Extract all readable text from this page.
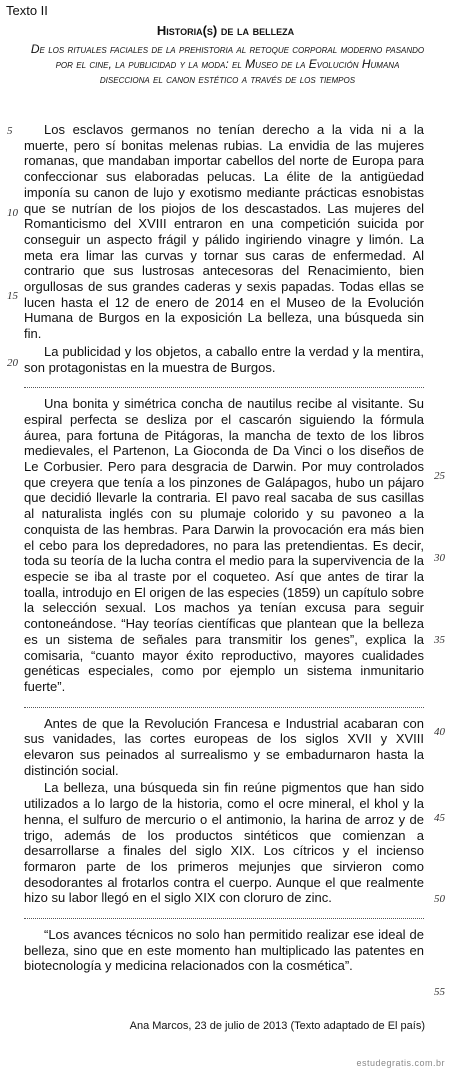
Texto II
Historia(s) de la belleza
De los rituales faciales de la prehistoria al retoque corporal moderno pasando por el cine, la publicidad y la moda: el Museo de la Evolución Humana disecciona el canon estético a través de los tiempos

Los esclavos germanos no tenían derecho a la vida ni a la muerte, pero sí bonitas melenas rubias. La envidia de las mujeres romanas, que mandaban importar cabellos del norte de Europa para confeccionar sus elaboradas pelucas. La élite de la antigüedad imponía su canon de lujo y exotismo mediante prácticas esnobistas que se nutrían de los piojos de los descastados. Las mujeres del Romanticismo del XVIII entraron en una competición suicida por conseguir un aspecto frágil y pálido ingiriendo vinagre y limón. La meta era limar las curvas y tornar sus caras de enfermedad. Al contrario que sus lustrosas antecesoras del Renacimiento, bien orgullosas de sus grandes caderas y sexis papadas. Todas ellas se lucen hasta el 12 de enero de 2014 en el Museo de la Evolución Humana de Burgos en la exposición La belleza, una búsqueda sin fin.

La publicidad y los objetos, a caballo entre la verdad y la mentira, son protagonistas en la muestra de Burgos.

Una bonita y simétrica concha de nautilus recibe al visitante. Su espiral perfecta se desliza por el cascarón siguiendo la fórmula áurea, para fortuna de Pitágoras, la mancha de texto de los libros medievales, el Partenon, La Gioconda de Da Vinci o los diseños de Le Corbusier. Pero para desgracia de Darwin. Por muy controlados que creyera que tenía a los pinzones de Galápagos, hubo un pájaro que decidió llevarle la contraria. El pavo real sacaba de sus casillas al naturalista inglés con su plumaje colorido y su pavoneo a la conquista de las hembras. Para Darwin la provocación era más bien el cebo para los depredadores, no para las pretendientas. Es decir, toda su teoría de la lucha contra el medio para la supervivencia de la especie se iba al traste por el coqueteo. Así que antes de tirar la toalla, introdujo en El origen de las especies (1859) un capítulo sobre la selección sexual. Los machos ya tenían excusa para seguir contoneándose. “Hay teorías científicas que plantean que la belleza es un sistema de señales para transmitir los genes”, explica la comisaria, “cuanto mayor éxito reproductivo, mayores cualidades genéticas especiales, como por ejemplo un sistema inmunitario fuerte”.

Antes de que la Revolución Francesa e Industrial acabaran con sus vanidades, las cortes europeas de los siglos XVII y XVIII elevaron sus peinados al surrealismo y se embadurnaron hasta la distinción social.

La belleza, una búsqueda sin fin reúne pigmentos que han sido utilizados a lo largo de la historia, como el ocre mineral, el khol y la henna, el sulfuro de mercurio o el antimonio, la harina de arroz y de trigo, además de los productos sintéticos que comienzan a desarrollarse a finales del siglo XIX. Los cítricos y el incienso formaron parte de los primeros mejunjes que sirvieron como desodorantes al frotarlos contra el cuerpo. Aunque el que realmente hizo su labor llegó en el siglo XIX con cloruro de zinc.

“Los avances técnicos no solo han permitido realizar ese ideal de belleza, sino que en este momento han multiplicado las patentes en biotecnología y medicina relacionados con la cosmética”.

5
10
15
20
25
30
35
40
45
50
55
Ana Marcos, 23 de julio de 2013 (Texto adaptado de El país)
estudegratis.com.br
